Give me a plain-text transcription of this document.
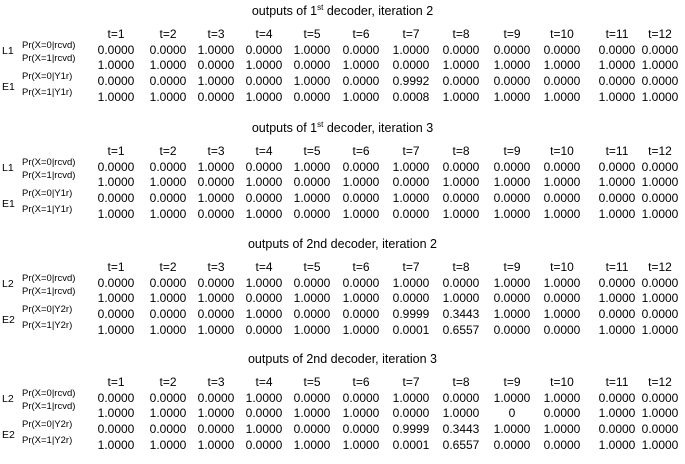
outputs of 1st decoder, iteration 2
t=1	t=2	t=3	t=4	t=5	t=6	t=7	t=8	t=9	t=10	t=11	t=12
L1
E1
Pr(X=0|rcvd)
Pr(X=1|rcvd)
Pr(X=0|Y1r)
Pr(X=1|Y1r)
0.0000	0.0000 1.0000 0.0000 1.0000	0.0000	1.0000	0.0000	0.0000	0.0000	0.0000 0.0000
1.0000	1.0000 0.0000 1.0000 0.0000	1.0000	0.0000	1.0000	1.0000	1.0000	1.0000 1.0000
0.0000	0.0000 1.0000 0.0000 1.0000	0.0000	0.9992	0.0000	0.0000	0.0000	0.0000 0.0000
1.0000	1.0000 0.0000 1.0000 0.0000	1.0000	0.0008	1.0000	1.0000	1.0000	1.0000 1.0000
outputs of 1st decoder, iteration 3
t=1	t=2	t=3	t=4	t=5	t=6	t=7	t=8	t=9	t=10	t=11	t=12
L1
E1
Pr(X=0|rcvd)
Pr(X=1|rcvd)
Pr(X=0|Y1r)
Pr(X=1|Y1r)
0.0000	0.0000 1.0000 0.0000 1.0000	0.0000	1.0000	0.0000	0.0000	0.0000	0.0000 0.0000
1.0000	1.0000 0.0000 1.0000 0.0000	1.0000	0.0000	1.0000	1.0000	1.0000	1.0000 1.0000
0.0000	0.0000 1.0000 0.0000 1.0000	0.0000	1.0000	0.0000	0.0000	0.0000	0.0000 0.0000
1.0000	1.0000 0.0000 1.0000 0.0000	1.0000	0.0000	1.0000	1.0000	1.0000	1.0000 1.0000
outputs of 2nd decoder, iteration 2
t=1	t=2	t=3	t=4	t=5	t=6	t=7	t=8	t=9	t=10	t=11	t=12
L2
E2
Pr(X=0|rcvd)
Pr(X=1|rcvd)
Pr(X=0|Y2r)
Pr(X=1|Y2r)
0.0000	0.0000 0.0000 1.0000 0.0000	0.0000	1.0000	0.0000	1.0000	1.0000	0.0000 0.0000
1.0000	1.0000 1.0000 0.0000 1.0000	1.0000	0.0000	1.0000	0.0000	0.0000	1.0000 1.0000
0.0000	0.0000 0.0000 1.0000 0.0000	0.0000	0.9999	0.3443	1.0000	1.0000	0.0000 0.0000
1.0000	1.0000 1.0000 0.0000 1.0000	1.0000	0.0001	0.6557	0.0000	0.0000	1.0000 1.0000
outputs of 2nd decoder, iteration 3
t=1	t=2	t=3	t=4	t=5	t=6	t=7	t=8	t=9	t=10	t=11	t=12
L2
E2
Pr(X=0|rcvd)
Pr(X=1|rcvd)
Pr(X=0|Y2r)
Pr(X=1|Y2r)
0.0000	0.0000 0.0000 1.0000 0.0000	0.0000	1.0000	0.0000	1.0000	1.0000	0.0000 0.0000
1.0000	1.0000 1.0000 0.0000 1.0000	1.0000	0.0000	1.0000	0	0.0000	1.0000 1.0000
0.0000	0.0000 0.0000 1.0000 0.0000	0.0000	0.9999	0.3443	1.0000	1.0000	0.0000 0.0000
1.0000	1.0000 1.0000 0.0000 1.0000	1.0000	0.0001	0.6557	0.0000	0.0000	1.0000 1.0000
